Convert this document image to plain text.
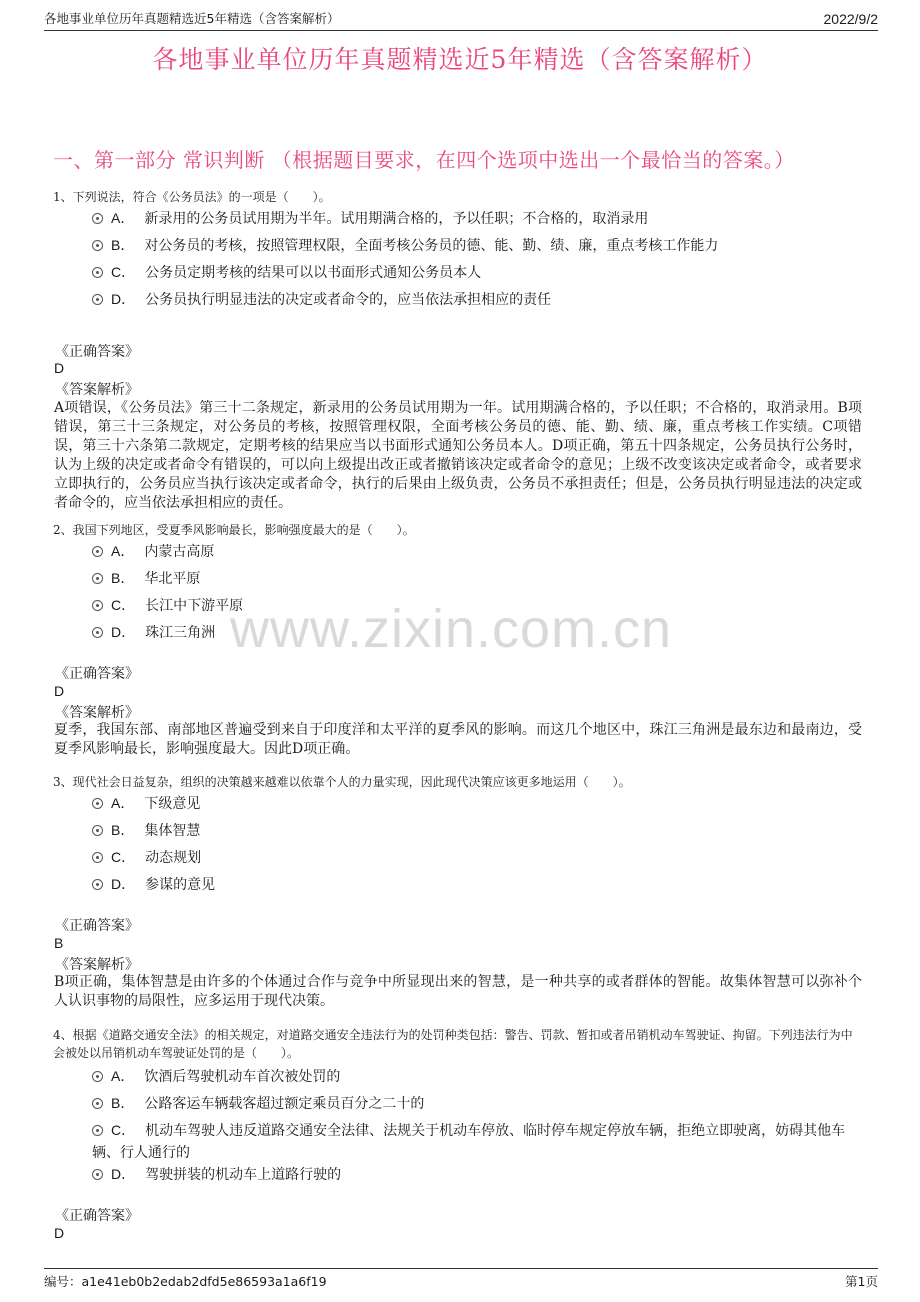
各地事业单位历年真题精选近5年精选（含答案解析）	2022/9/2
各地事业单位历年真题精选近5年精选（含答案解析）
一、第一部分 常识判断 （根据题目要求，在四个选项中选出一个最恰当的答案。）
www.zixin.com.cn
1、下列说法，符合《公务员法》的一项是（　　）。
A． 新录用的公务员试用期为半年。试用期满合格的，予以任职；不合格的，取消录用
B． 对公务员的考核，按照管理权限，全面考核公务员的德、能、勤、绩、廉，重点考核工作能力
C． 公务员定期考核的结果可以以书面形式通知公务员本人
D． 公务员执行明显违法的决定或者命令的，应当依法承担相应的责任
《正确答案》
D
《答案解析》
A项错误，《公务员法》第三十二条规定，新录用的公务员试用期为一年。试用期满合格的，予以任职；不合格的，取消录用。B项错误，第三十三条规定，对公务员的考核，按照管理权限，全面考核公务员的德、能、勤、绩、廉，重点考核工作实绩。C项错误，第三十六条第二款规定，定期考核的结果应当以书面形式通知公务员本人。D项正确，第五十四条规定，公务员执行公务时，认为上级的决定或者命令有错误的，可以向上级提出改正或者撤销该决定或者命令的意见；上级不改变该决定或者命令，或者要求立即执行的，公务员应当执行该决定或者命令，执行的后果由上级负责，公务员不承担责任；但是，公务员执行明显违法的决定或者命令的，应当依法承担相应的责任。
2、我国下列地区，受夏季风影响最长，影响强度最大的是（　　）。
A． 内蒙古高原
B． 华北平原
C． 长江中下游平原
D． 珠江三角洲
《正确答案》
D
《答案解析》
夏季，我国东部、南部地区普遍受到来自于印度洋和太平洋的夏季风的影响。而这几个地区中，珠江三角洲是最东边和最南边，受夏季风影响最长，影响强度最大。因此D项正确。
3、现代社会日益复杂，组织的决策越来越难以依靠个人的力量实现，因此现代决策应该更多地运用（　　）。
A． 下级意见
B． 集体智慧
C． 动态规划
D． 参谋的意见
《正确答案》
B
《答案解析》
B项正确，集体智慧是由许多的个体通过合作与竞争中所显现出来的智慧，是一种共享的或者群体的智能。故集体智慧可以弥补个人认识事物的局限性，应多运用于现代决策。
4、根据《道路交通安全法》的相关规定，对道路交通安全违法行为的处罚种类包括：警告、罚款、暂扣或者吊销机动车驾驶证、拘留。下列违法行为中会被处以吊销机动车驾驶证处罚的是（　　）。
A． 饮酒后驾驶机动车首次被处罚的
B． 公路客运车辆载客超过额定乘员百分之二十的
C． 机动车驾驶人违反道路交通安全法律、法规关于机动车停放、临时停车规定停放车辆，拒绝立即驶离，妨碍其他车辆、行人通行的
D． 驾驶拼装的机动车上道路行驶的
《正确答案》
D
编号：a1e41eb0b2edab2dfd5e86593a1a6f19	第1页
